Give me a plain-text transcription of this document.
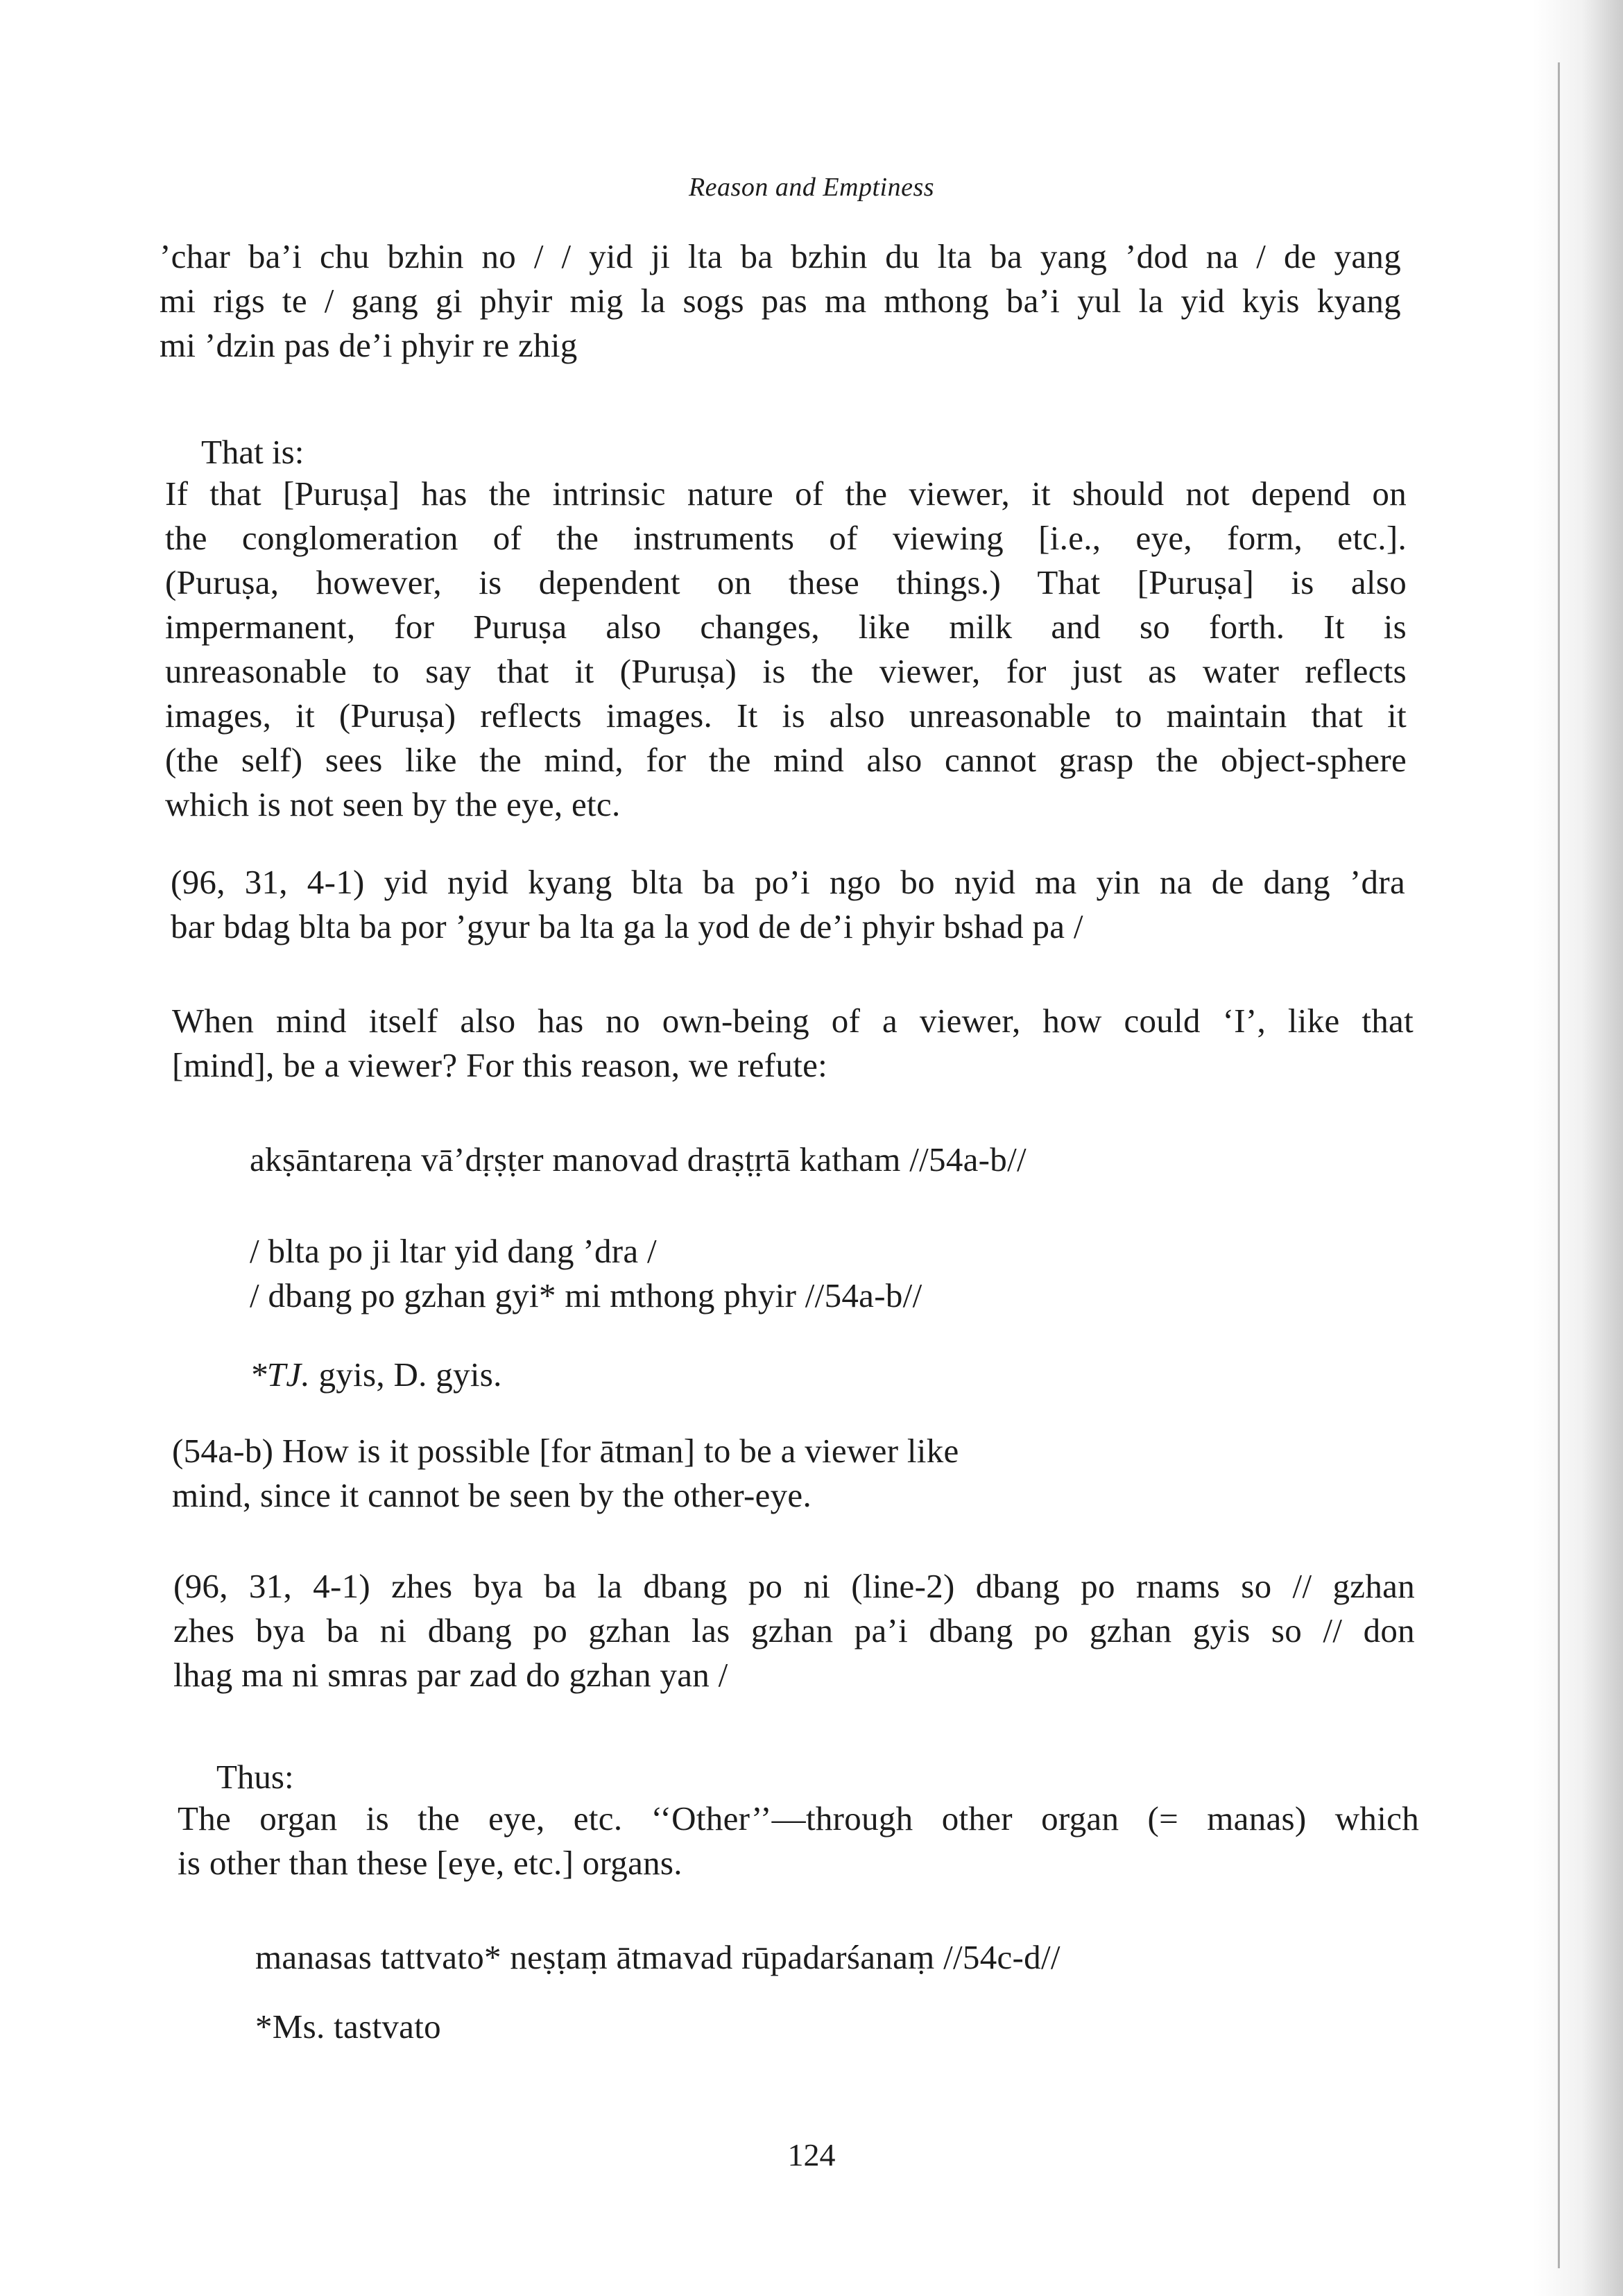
Reason and Emptiness
’char ba’i chu bzhin no / / yid ji lta ba bzhin du lta ba yang ’dod na / de yang
mi rigs te / gang gi phyir mig la sogs pas ma mthong ba’i yul la yid kyis kyang
mi ’dzin pas de’i phyir re zhig
That is:
If that [Puruṣa] has the intrinsic nature of the viewer, it should not depend on
the conglomeration of the instruments of viewing [i.e., eye, form, etc.].
(Puruṣa, however, is dependent on these things.) That [Puruṣa] is also
impermanent, for Puruṣa also changes, like milk and so forth. It is
unreasonable to say that it (Puruṣa) is the viewer, for just as water reflects
images, it (Puruṣa) reflects images. It is also unreasonable to maintain that it
(the self) sees like the mind, for the mind also cannot grasp the object-sphere
which is not seen by the eye, etc.
(96, 31, 4-1) yid nyid kyang blta ba po’i ngo bo nyid ma yin na de dang ’dra
bar bdag blta ba por ’gyur ba lta ga la yod de de’i phyir bshad pa /
When mind itself also has no own-being of a viewer, how could ‘I’, like that
[mind], be a viewer? For this reason, we refute:
akṣāntareṇa vā’dṛṣṭer manovad draṣṭṛtā katham //54a-b//
/ blta po ji ltar yid dang ’dra /
/ dbang po gzhan gyi* mi mthong phyir //54a-b//
*TJ. gyis, D. gyis.
(54a-b) How is it possible [for ātman] to be a viewer like
mind, since it cannot be seen by the other-eye.
(96, 31, 4-1) zhes bya ba la dbang po ni (line-2) dbang po rnams so // gzhan
zhes bya ba ni dbang po gzhan las gzhan pa’i dbang po gzhan gyis so // don
lhag ma ni smras par zad do gzhan yan /
Thus:
The organ is the eye, etc. ‘‘Other’’—through other organ (= manas) which
is other than these [eye, etc.] organs.
manasas tattvato* neṣṭaṃ ātmavad rūpadarśanaṃ //54c-d//
*Ms. tastvato
124
